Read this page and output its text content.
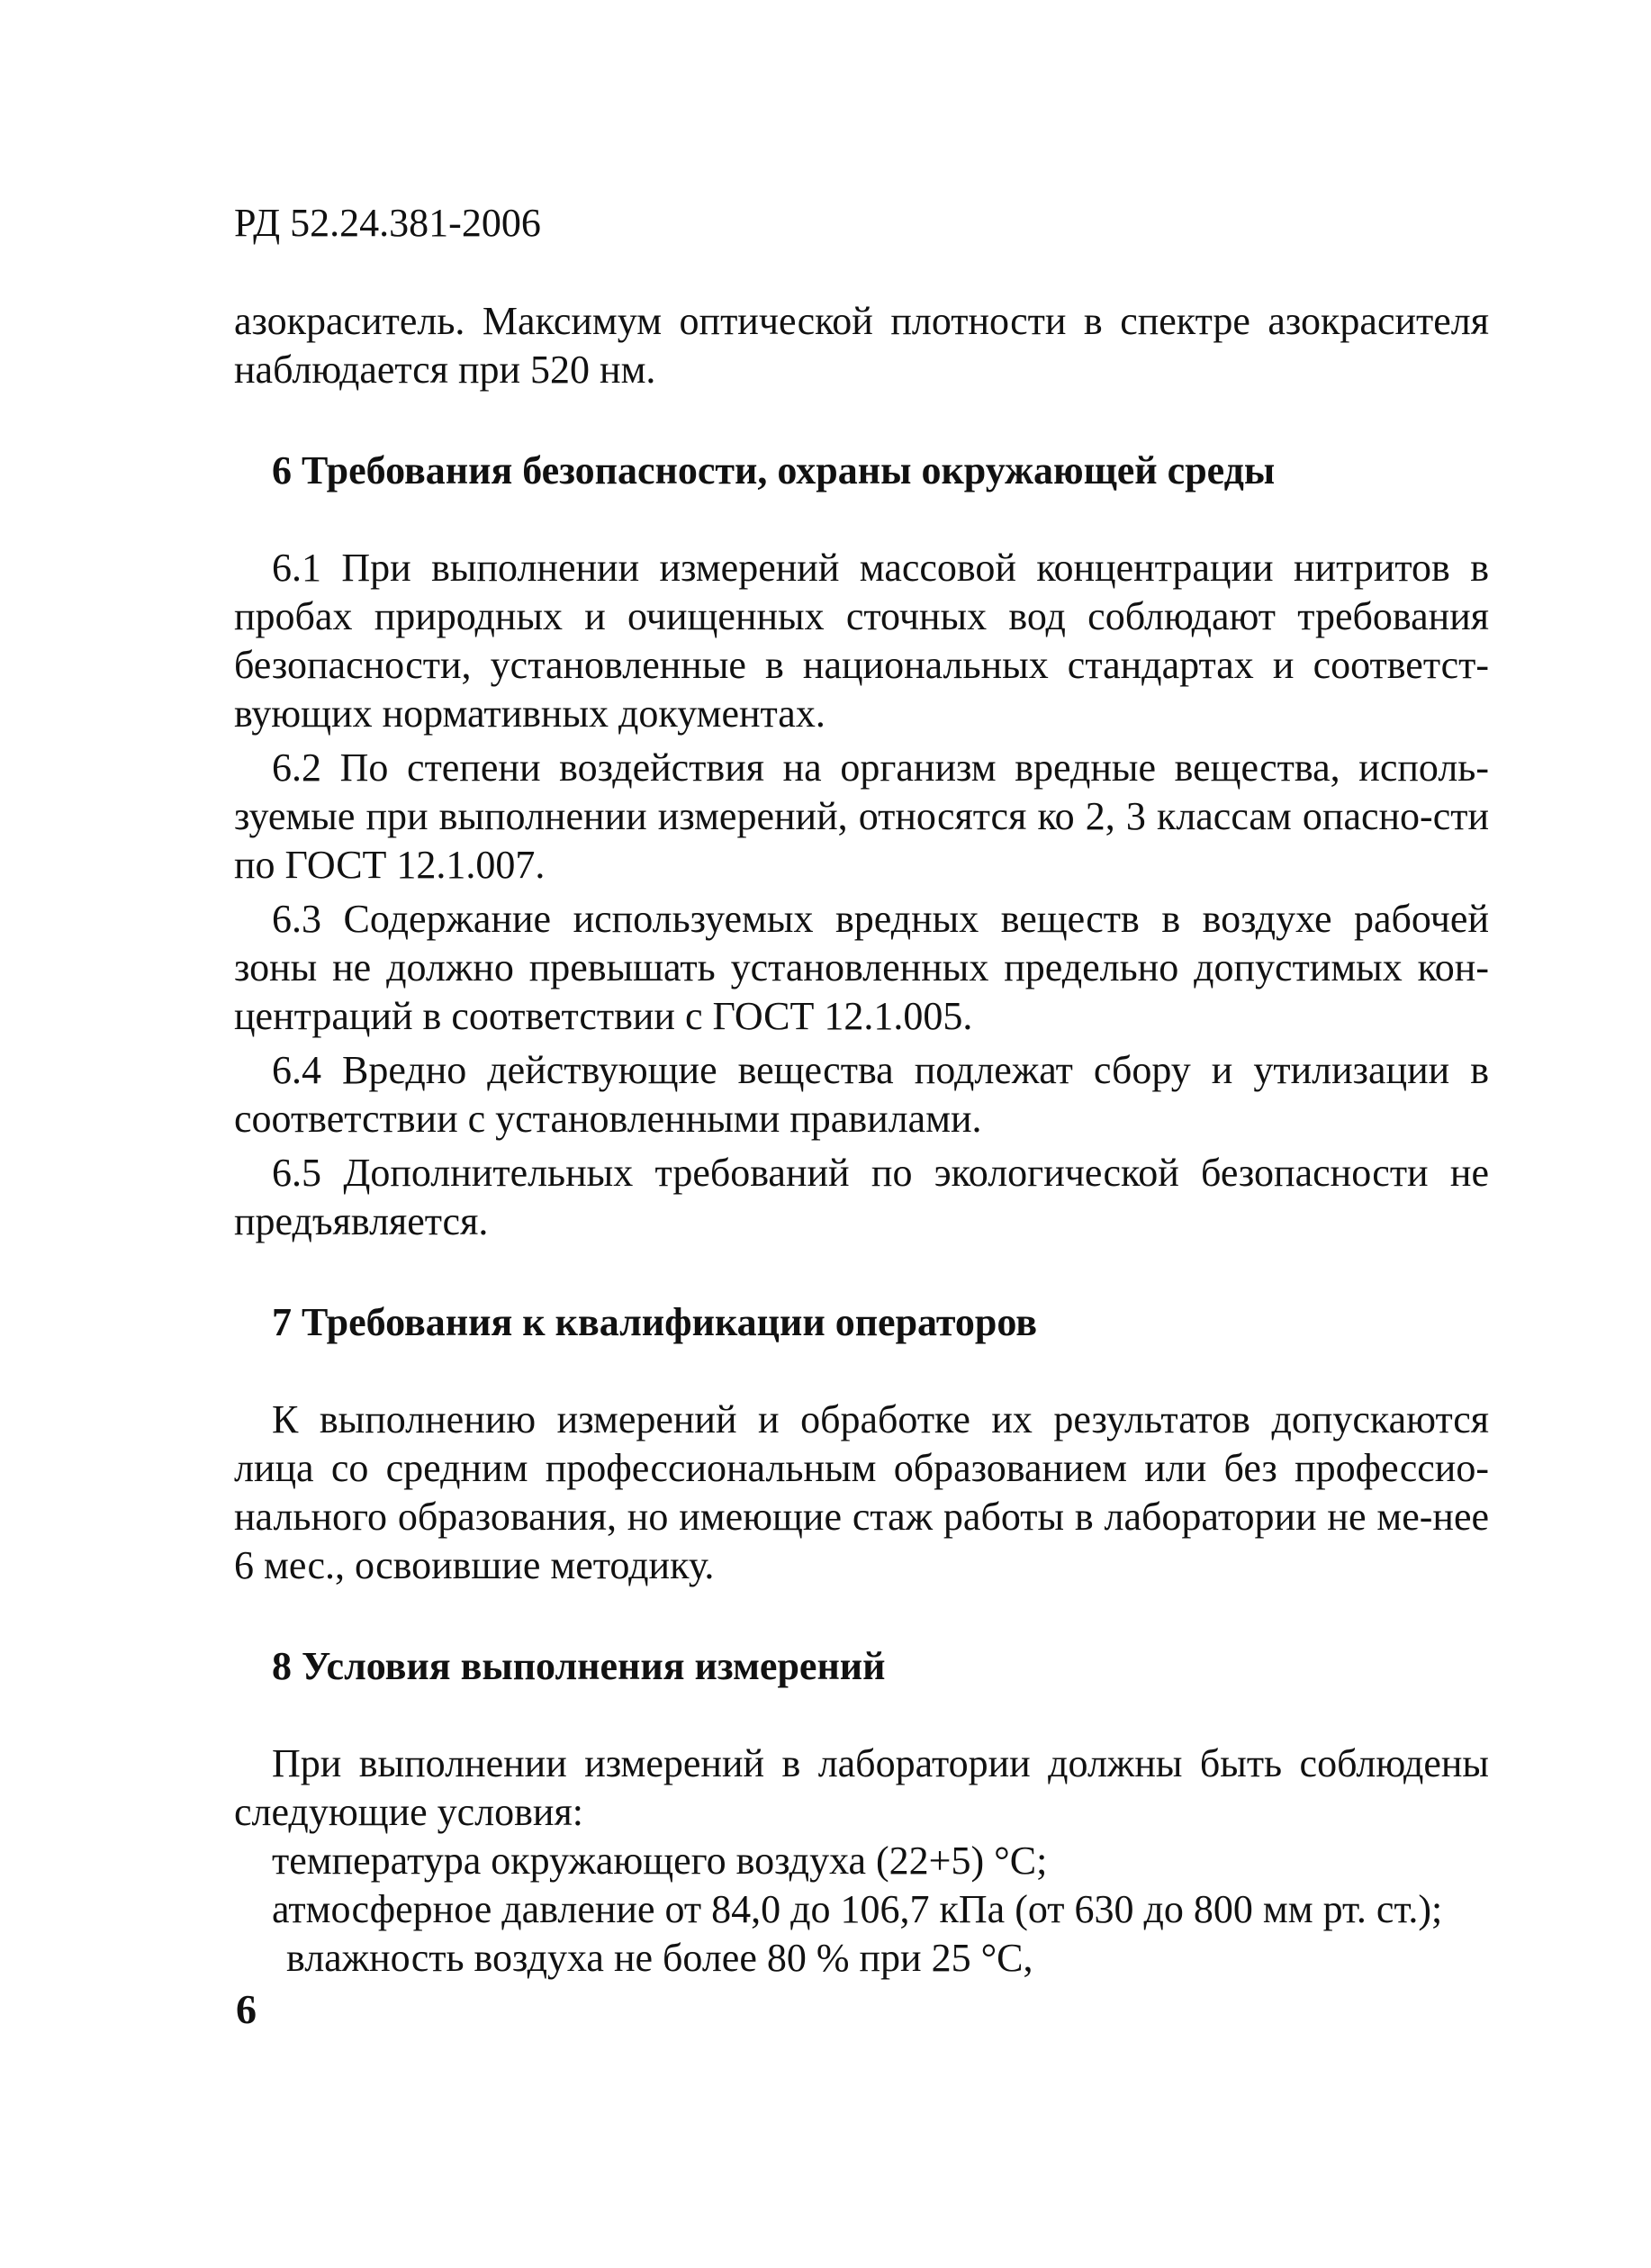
РД 52.24.381-2006

азокраситель. Максимум оптической плотности в спектре азокрасителя наблюдается при 520 нм.

6 Требования безопасности, охраны окружающей среды

6.1 При выполнении измерений массовой концентрации нитритов в пробах природных и очищенных сточных вод соблюдают требования безопасности, установленные в национальных стандартах и соответст-вующих нормативных документах.

6.2 По степени воздействия на организм вредные вещества, исполь-зуемые при выполнении измерений, относятся ко 2, 3 классам опасно-сти по ГОСТ 12.1.007.

6.3 Содержание используемых вредных веществ в воздухе рабочей зоны не должно превышать установленных предельно допустимых кон-центраций в соответствии с ГОСТ 12.1.005.

6.4 Вредно действующие вещества подлежат сбору и утилизации в соответствии с установленными правилами.

6.5 Дополнительных требований по экологической безопасности не предъявляется.

7 Требования к квалификации операторов

К выполнению измерений и обработке их результатов допускаются лица со средним профессиональным образованием или без профессио-нального образования, но имеющие стаж работы в лаборатории не ме-нее 6 мес., освоившие методику.

8 Условия выполнения измерений

При выполнении измерений в лаборатории должны быть соблюдены следующие условия:

температура окружающего воздуха (22+5) °С;

атмосферное давление от 84,0 до 106,7 кПа (от 630 до 800 мм рт. ст.);

влажность воздуха не более 80 % при 25 °С,

6
